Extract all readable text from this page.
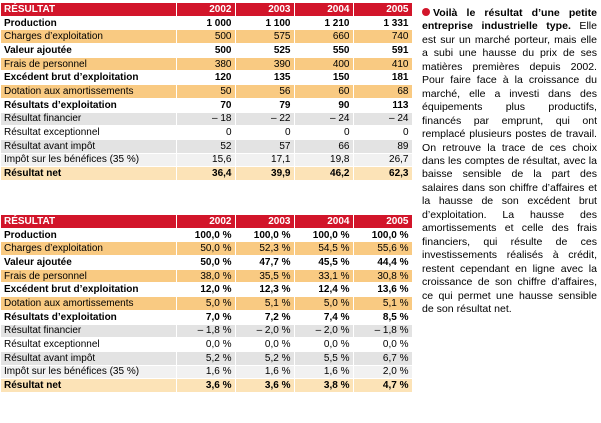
RÉSULTAT	2002	2003	2004	2005
Production	1 000	1 100	1 210	1 331
Charges d’exploitation	500	575	660	740
Valeur ajoutée	500	525	550	591
Frais de personnel	380	390	400	410
Excédent brut d’exploitation	120	135	150	181
Dotation aux amortissements	50	56	60	68
Résultats d’exploitation	70	79	90	113
Résultat financier	– 18	– 22	– 24	– 24
Résultat exceptionnel	0	0	0	0
Résultat avant impôt	52	57	66	89
Impôt sur les bénéfices (35 %)	15,6	17,1	19,8	26,7
Résultat net	36,4	39,9	46,2	62,3
RÉSULTAT	2002	2003	2004	2005
Production	100,0 %	100,0 %	100,0 %	100,0 %
Charges d’exploitation	50,0 %	52,3 %	54,5 %	55,6 %
Valeur ajoutée	50,0 %	47,7 %	45,5 %	44,4 %
Frais de personnel	38,0 %	35,5 %	33,1 %	30,8 %
Excédent brut d’exploitation	12,0 %	12,3 %	12,4 %	13,6 %
Dotation aux amortissements	5,0 %	5,1 %	5,0 %	5,1 %
Résultats d’exploitation	7,0 %	7,2 %	7,4 %	8,5 %
Résultat financier	– 1,8 %	– 2,0 %	– 2,0 %	– 1,8 %
Résultat exceptionnel	0,0 %	0,0 %	0,0 %	0,0 %
Résultat avant impôt	5,2 %	5,2 %	5,5 %	6,7 %
Impôt sur les bénéfices (35 %)	1,6 %	1,6 %	1,6 %	2,0 %
Résultat net	3,6 %	3,6 %	3,8 %	4,7 %
Voilà le résultat d’une petite entreprise industrielle type. Elle est sur un marché porteur, mais elle a subi une hausse du prix de ses matières premières depuis 2002. Pour faire face à la croissance du marché, elle a investi dans des équipements plus productifs, financés par emprunt, qui ont remplacé plusieurs postes de travail. On retrouve la trace de ces choix dans les comptes de résultat, avec la baisse sensible de la part des salaires dans son chiffre d’affaires et la hausse de son excédent brut d’exploitation. La hausse des amortissements et celle des frais financiers, qui résulte de ces investissements réalisés à crédit, restent cependant en ligne avec la croissance de son chiffre d’affaires, ce qui permet une hausse sensible de son résultat net.
